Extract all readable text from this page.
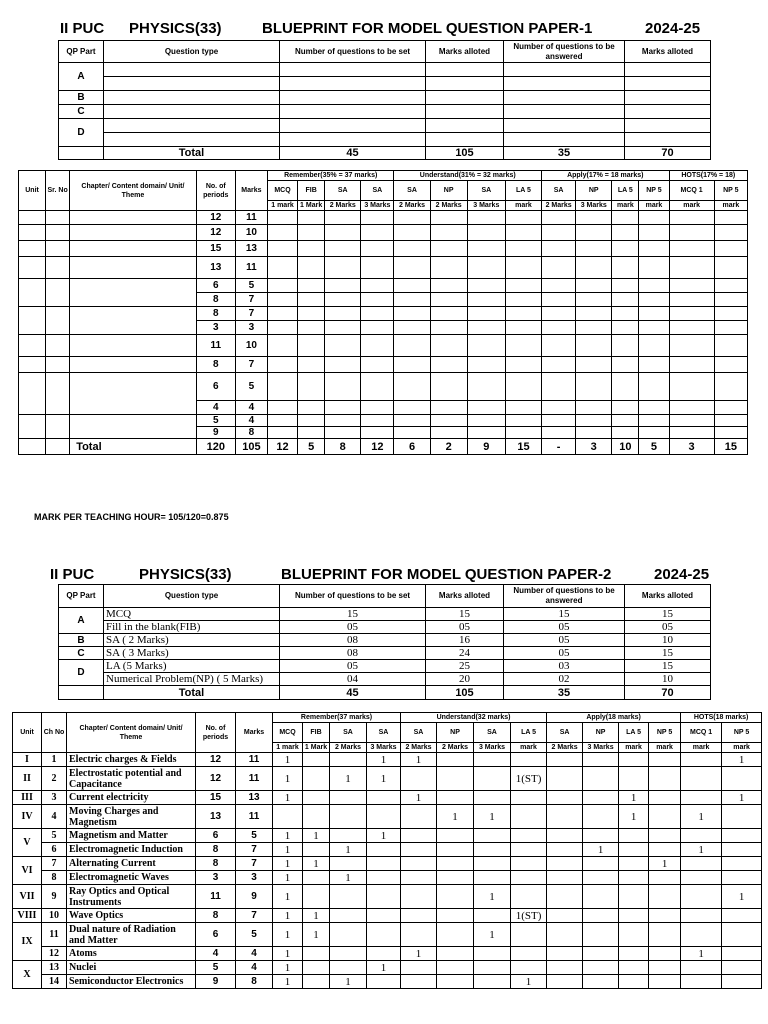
II PUC PHYSICS(33)	BLUEPRINT FOR MODEL QUESTION PAPER-1	2024-25
QP Part	Question type	Number of questions to be set	Marks alloted	Number of questions to be answered	Marks alloted
A					

B					
C					
D					

	Total	45	105	35	70
Unit	Sr. No	Chapter/ Content domain/ Unit/ Theme	No. of periods	Marks	Remember(35% = 37 marks)				Understand(31% = 32 marks)				Apply(17% = 18 marks)				HOTS(17% = 18)	
					MCQ	FIB	SA	SA	SA	NP	SA	LA 5	SA	NP	LA 5	NP 5	MCQ 1	NP 5
					1 mark	1 Mark	2 Marks	3 Marks	2 Marks	2 Marks	3 Marks	mark	2 Marks	3 Marks	mark	mark	mark	mark
			12	11														
			12	10														
			15	13														
			13	11														
			6	5														
			8	7														
			8	7														
			3	3														
			11	10														
			8	7														
			6	5														
			4	4														
			5	4														
			9	8														
		Total	120	105	12	5	8	12	6	2	9	15	-	3	10	5	3	15
MARK PER TEACHING HOUR= 105/120=0.875
II PUC	PHYSICS(33)	BLUEPRINT FOR MODEL QUESTION PAPER-2	2024-25
QP Part	Question type	Number of questions to be set	Marks alloted	Number of questions to be answered	Marks alloted
A	MCQ	15	15	15	15
	Fill in the blank(FIB)	05	05	05	05
B	SA ( 2 Marks)	08	16	05	10
C	SA ( 3 Marks)	08	24	05	15
D	LA (5 Marks)	05	25	03	15
	Numerical Problem(NP) ( 5 Marks)	04	20	02	10
	Total	45	105	35	70
Unit	Ch No	Chapter/ Content domain/ Unit/ Theme	No. of periods	Marks	Remember(37 marks)				Understand(32 marks)				Apply(18 marks)				HOTS(18 marks)	
					MCQ	FIB	SA	SA	SA	NP	SA	LA 5	SA	NP	LA 5	NP 5	MCQ 1	NP 5
					1 mark	1 Mark	2 Marks	3 Marks	2 Marks	2 Marks	3 Marks	mark	2 Marks	3 Marks	mark	mark	mark	mark
I	1	Electric charges & Fields	12	11	1			1	1									1
II	2	Electrostatic potential and Capacitance	12	11	1		1	1				1(ST)						
III	3	Current electricity	15	13	1				1						1			1
IV	4	Moving Charges and Magnetism	13	11						1	1				1		1	
V	5	Magnetism and Matter	6	5	1	1		1										
	6	Electromagnetic Induction	8	7	1		1							1			1	
VI	7	Alternating Current	8	7	1	1										1		
	8	Electromagnetic Waves	3	3	1		1											
VII	9	Ray Optics and Optical Instruments	11	9	1						1							1
VIII	10	Wave Optics	8	7	1	1						1(ST)						
IX	11	Dual nature of Radiation and Matter	6	5	1	1					1							
	12	Atoms	4	4	1				1								1	
X	13	Nuclei	5	4	1			1										
	14	Semiconductor Electronics	9	8	1		1					1						
